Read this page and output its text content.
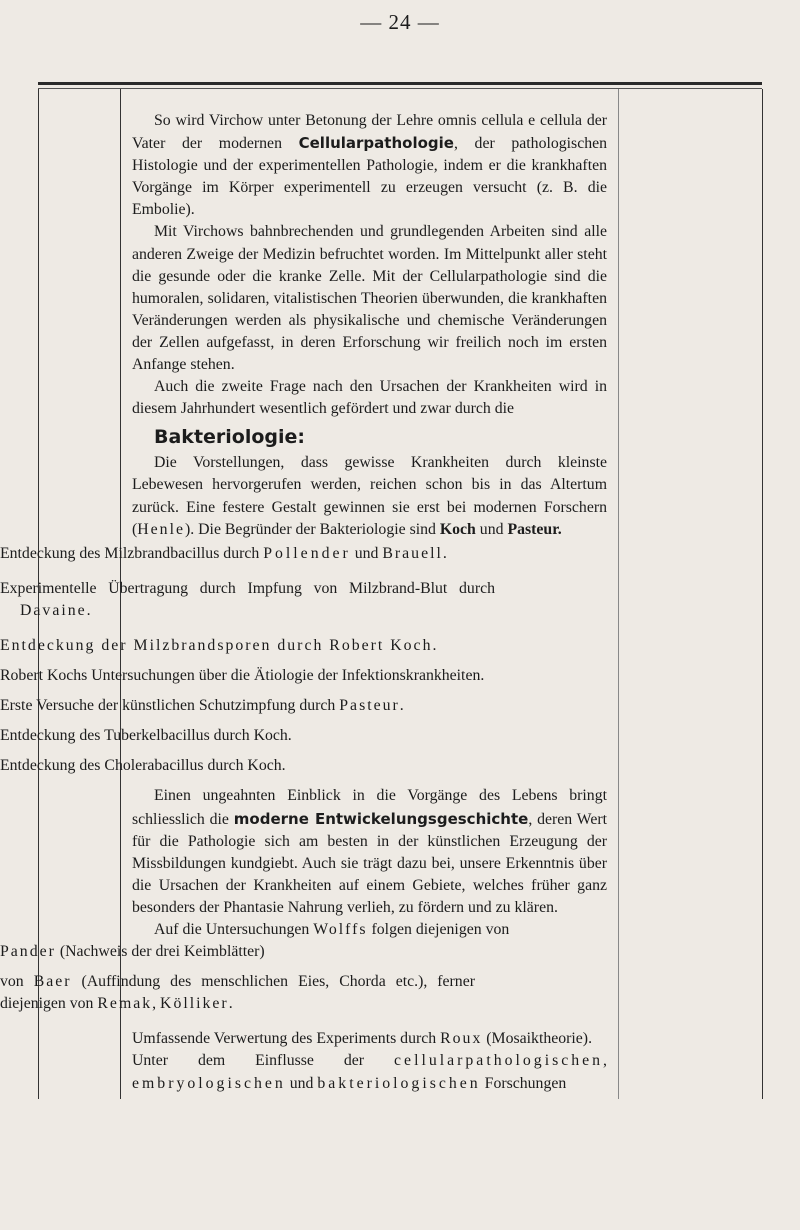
— 24 —

So wird Virchow unter Betonung der Lehre omnis cellula e cellula der Vater der modernen Cellularpathologie, der pathologischen Histologie und der experimentellen Pathologie, indem er die krankhaften Vorgänge im Körper experimentell zu erzeugen versucht (z. B. die Embolie).

Mit Virchows bahnbrechenden und grundlegenden Arbeiten sind alle anderen Zweige der Medizin befruchtet worden. Im Mittelpunkt aller steht die gesunde oder die kranke Zelle. Mit der Cellularpathologie sind die humoralen, solidaren, vitalistischen Theorien überwunden, die krankhaften Veränderungen werden als physikalische und chemische Veränderungen der Zellen aufgefasst, in deren Erforschung wir freilich noch im ersten Anfange stehen.

Auch die zweite Frage nach den Ursachen der Krankheiten wird in diesem Jahrhundert wesentlich gefördert und zwar durch die

Bakteriologie:

Die Vorstellungen, dass gewisse Krankheiten durch kleinste Lebewesen hervorgerufen werden, reichen schon bis in das Altertum zurück. Eine festere Gestalt gewinnen sie erst bei modernen Forschern (Henle). Die Begründer der Bakteriologie sind Koch und Pasteur.

Entdeckung des Milzbrandbacillus durch Pollender und Brauell.
Experimentelle Übertragung durch Impfung von Milzbrand-Blut durch Davaine.
Entdeckung der Milzbrandsporen durch Robert Koch.
Robert Kochs Untersuchungen über die Ätiologie der Infektionskrankheiten.
Erste Versuche der künstlichen Schutzimpfung durch Pasteur.
Entdeckung des Tuberkelbacillus durch Koch.
Entdeckung des Cholerabacillus durch Koch.

Einen ungeahnten Einblick in die Vorgänge des Lebens bringt schliesslich die moderne Entwickelungsgeschichte, deren Wert für die Pathologie sich am besten in der künstlichen Erzeugung der Missbildungen kundgiebt. Auch sie trägt dazu bei, unsere Erkenntnis über die Ursachen der Krankheiten auf einem Gebiete, welches früher ganz besonders der Phantasie Nahrung verlieh, zu fördern und zu klären.

Auf die Untersuchungen Wolffs folgen diejenigen von

Pander (Nachweis der drei Keimblätter)
von Baer (Auffindung des menschlichen Eies, Chorda etc.), ferner diejenigen von Remak, Kölliker.

Umfassende Verwertung des Experiments durch Roux (Mosaiktheorie).

Unter dem Einflusse der cellularpathologischen, embryologischen und bakteriologischen Forschungen
